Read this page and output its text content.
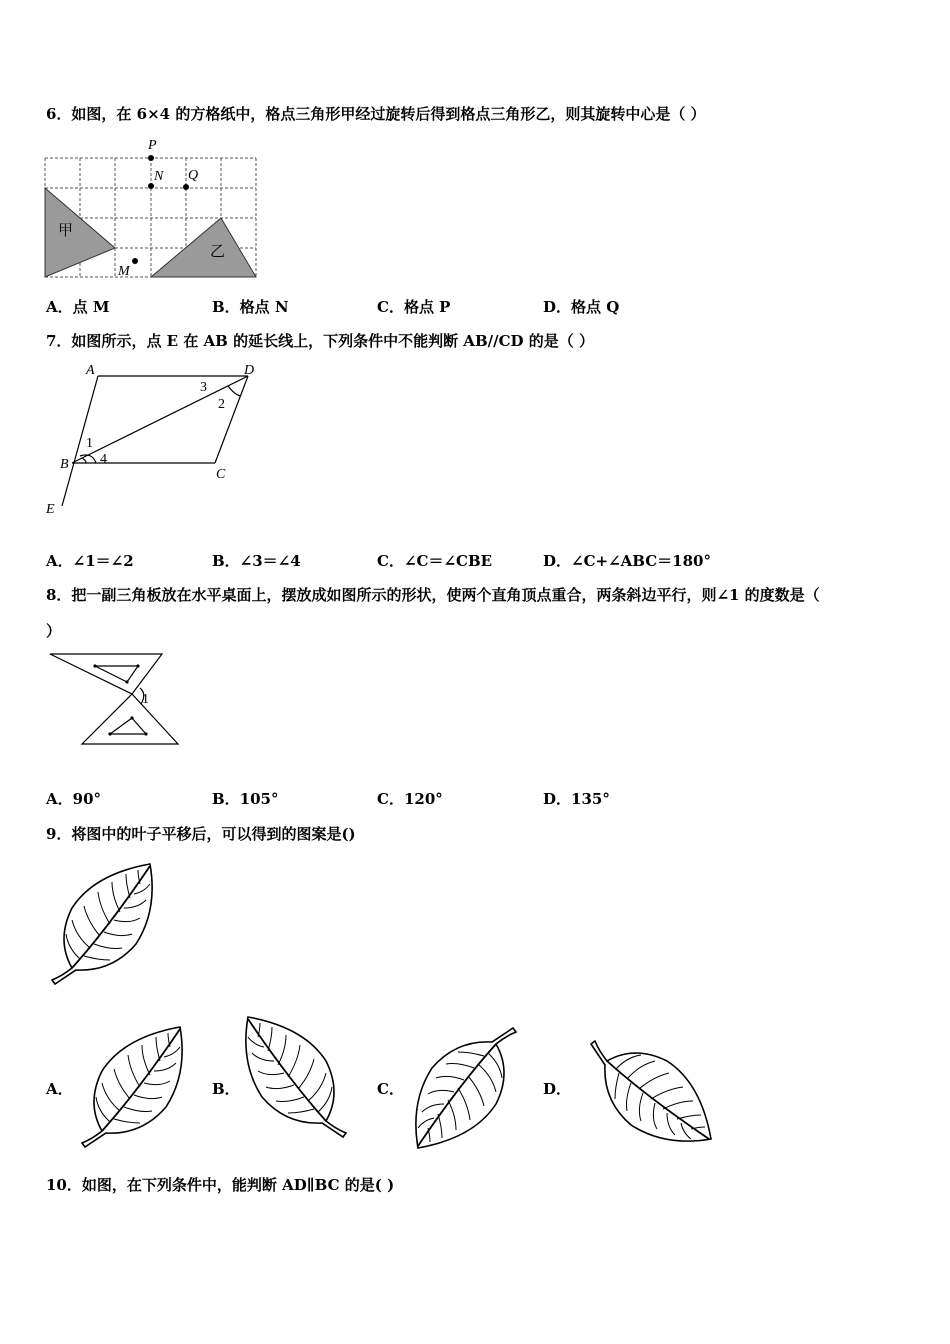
6．如图，在 6×4 的方格纸中，格点三角形甲经过旋转后得到格点三角形乙，则其旋转中心是（ ）
甲
乙
P
N Q
M
A．点 M	B．格点 N	C．格点 P	D．格点 Q
7．如图所示，点 E 在 AB 的延长线上，下列条件中不能判断 AB//CD 的是（ ）
A	D
B
C
E
1
2
3
4
A．∠1＝∠2	B．∠3＝∠4	C．∠C＝∠CBE	D．∠C+∠ABC＝180°
8．把一副三角板放在水平桌面上，摆放成如图所示的形状，使两个直角顶点重合，两条斜边平行，则∠1 的度数是（
）
1
A．90°	B．105°	C．120°	D．135°
9．将图中的叶子平移后，可以得到的图案是()
A．	B．	C．	D．
10．如图，在下列条件中，能判断 AD∥BC 的是( )
